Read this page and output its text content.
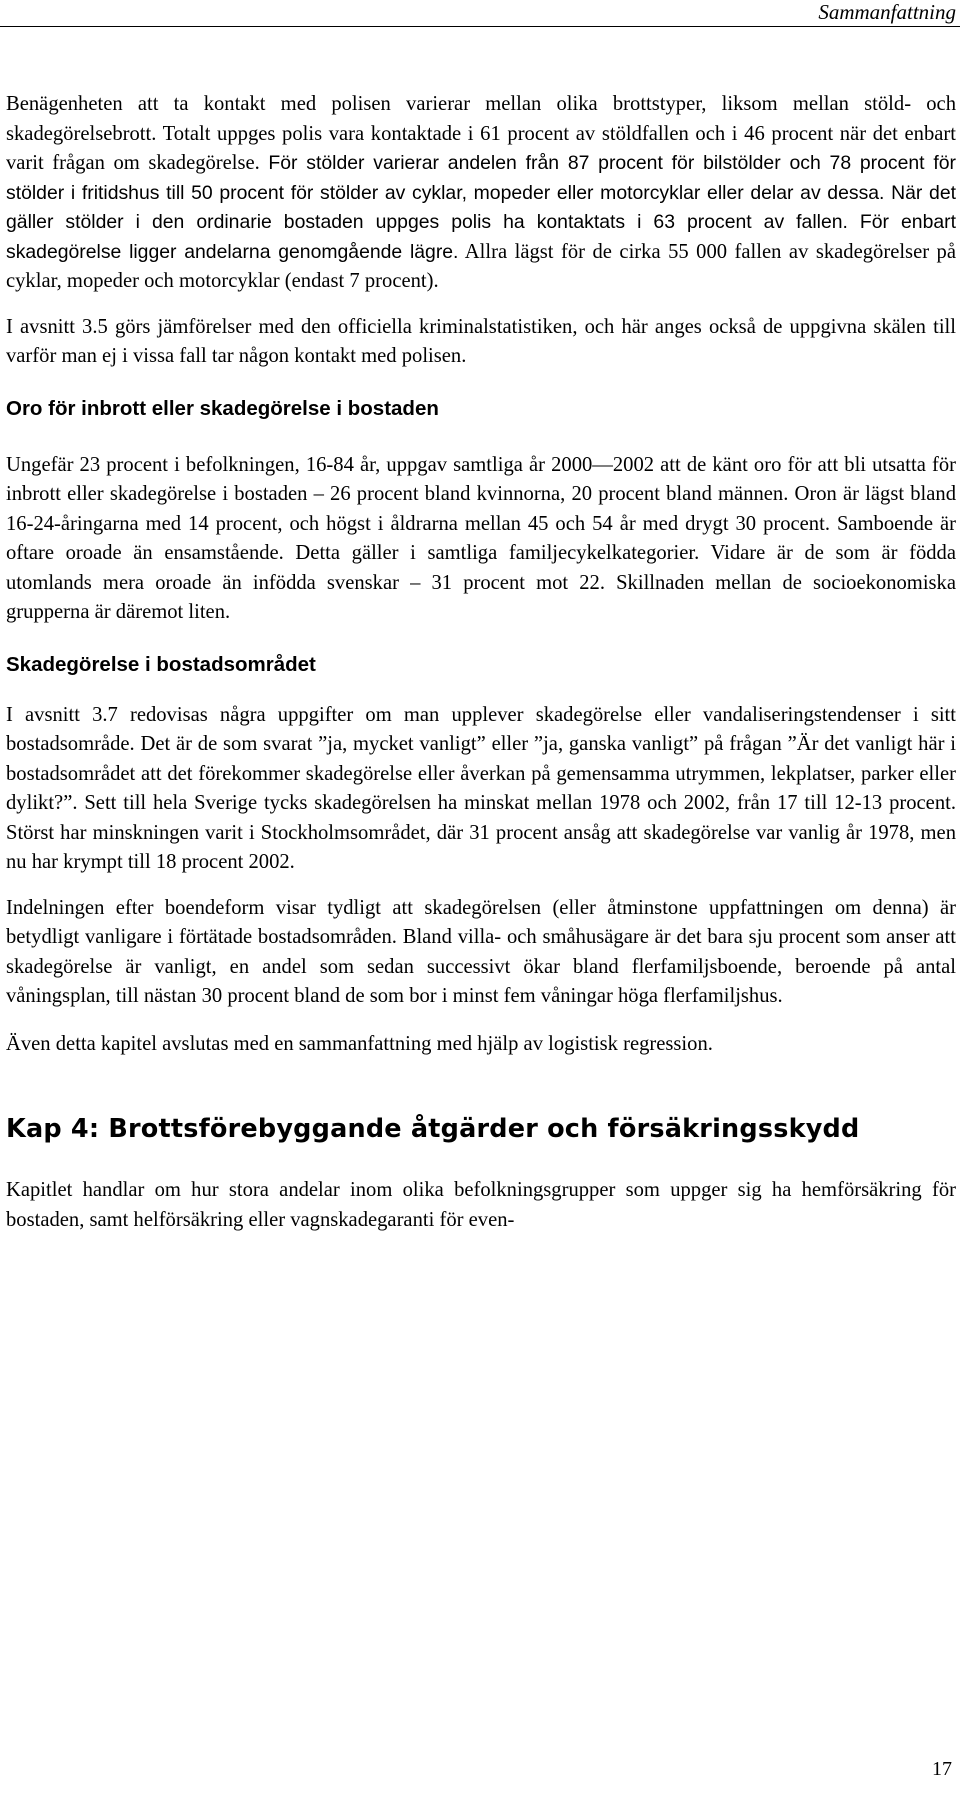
Sammanfattning

Benägenheten att ta kontakt med polisen varierar mellan olika brottstyper, liksom mellan stöld- och skadegörelsebrott. Totalt uppges polis vara kontaktade i 61 procent av stöldfallen och i 46 procent när det enbart varit frågan om skadegörelse. För stölder varierar andelen från 87 procent för bilstölder och 78 procent för stölder i fritidshus till 50 procent för stölder av cyklar, mopeder eller motorcyklar eller delar av dessa. När det gäller stölder i den ordinarie bostaden uppges polis ha kontaktats i 63 procent av fallen. För enbart skadegörelse ligger andelarna genomgående lägre. Allra lägst för de cirka 55 000 fallen av skadegörelser på cyklar, mopeder och motorcyklar (endast 7 procent).

I avsnitt 3.5 görs jämförelser med den officiella kriminalstatistiken, och här anges också de uppgivna skälen till varför man ej i vissa fall tar någon kontakt med polisen.

Oro för inbrott eller skadegörelse i bostaden

Ungefär 23 procent i befolkningen, 16-84 år, uppgav samtliga år 2000—2002 att de känt oro för att bli utsatta för inbrott eller skadegörelse i bostaden – 26 procent bland kvinnorna, 20 procent bland männen. Oron är lägst bland 16-24-åringarna med 14 procent, och högst i åldrarna mellan 45 och 54 år med drygt 30 procent. Samboende är oftare oroade än ensamstående. Detta gäller i samtliga familjecykelkategorier. Vidare är de som är födda utomlands mera oroade än infödda svenskar – 31 procent mot 22. Skillnaden mellan de socioekonomiska grupperna är däremot liten.

Skadegörelse i bostadsområdet

I avsnitt 3.7 redovisas några uppgifter om man upplever skadegörelse eller vandaliseringstendenser i sitt bostadsområde. Det är de som svarat ”ja, mycket vanligt” eller ”ja, ganska vanligt” på frågan ”Är det vanligt här i bostadsområdet att det förekommer skadegörelse eller åverkan på gemensamma utrymmen, lekplatser, parker eller dylikt?”. Sett till hela Sverige tycks skadegörelsen ha minskat mellan 1978 och 2002, från 17 till 12-13 procent. Störst har minskningen varit i Stockholmsområdet, där 31 procent ansåg att skadegörelse var vanlig år 1978, men nu har krympt till 18 procent 2002.

Indelningen efter boendeform visar tydligt att skadegörelsen (eller åtminstone uppfattningen om denna) är betydligt vanligare i förtätade bostadsområden. Bland villa- och småhusägare är det bara sju procent som anser att skadegörelse är vanligt, en andel som sedan successivt ökar bland flerfamiljsboende, beroende på antal våningsplan, till nästan 30 procent bland de som bor i minst fem våningar höga flerfamiljshus.

Även detta kapitel avslutas med en sammanfattning med hjälp av logistisk regression.

Kap 4: Brottsförebyggande åtgärder och försäkringsskydd

Kapitlet handlar om hur stora andelar inom olika befolkningsgrupper som uppger sig ha hemförsäkring för bostaden, samt helförsäkring eller vagnskadegaranti för even-

17
